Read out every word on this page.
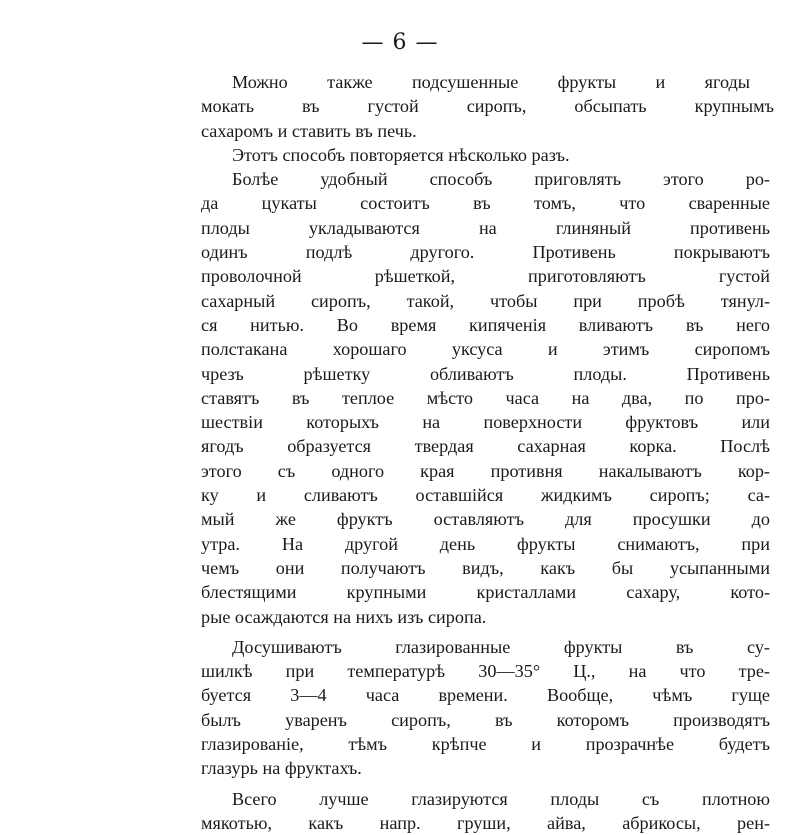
— 6 —
Можно также подсушенные фрукты и ягоды
мокать въ густой сиропъ, обсыпать крупнымъ
сахаромъ и ставить въ печь.
Этотъ способъ повторяется нѣсколько разъ.
Болѣе удобный способъ приговлять этого ро-
да цукаты состоитъ въ томъ, что сваренные
плоды укладываются на глиняный противень
одинъ подлѣ другого. Противень покрываютъ
проволочной рѣшеткой, приготовляютъ густой
сахарный сиропъ, такой, чтобы при пробѣ тянул-
ся нитью. Во время кипяченія вливаютъ въ него
полстакана хорошаго уксуса и этимъ сиропомъ
чрезъ рѣшетку обливаютъ плоды. Противень
ставятъ въ теплое мѣсто часа на два, по про-
шествіи которыхъ на поверхности фруктовъ или
ягодъ образуется твердая сахарная корка. Послѣ
этого съ одного края противня накалываютъ кор-
ку и сливаютъ оставшійся жидкимъ сиропъ; са-
мый же фруктъ оставляютъ для просушки до
утра. На другой день фрукты снимаютъ, при
чемъ они получаютъ видъ, какъ бы усыпанными
блестящими крупными кристаллами сахару, кото-
рые осаждаются на нихъ изъ сиропа.
Досушиваютъ глазированные фрукты въ су-
шилкѣ при температурѣ 30—35° Ц., на что тре-
буется 3—4 часа времени. Вообще, чѣмъ гуще
былъ уваренъ сиропъ, въ которомъ производятъ
глазированіе, тѣмъ крѣпче и прозрачнѣе будетъ
глазурь на фруктахъ.
Всего лучше глазируются плоды съ плотною
мякотью, какъ напр. груши, айва, абрикосы, рен-
